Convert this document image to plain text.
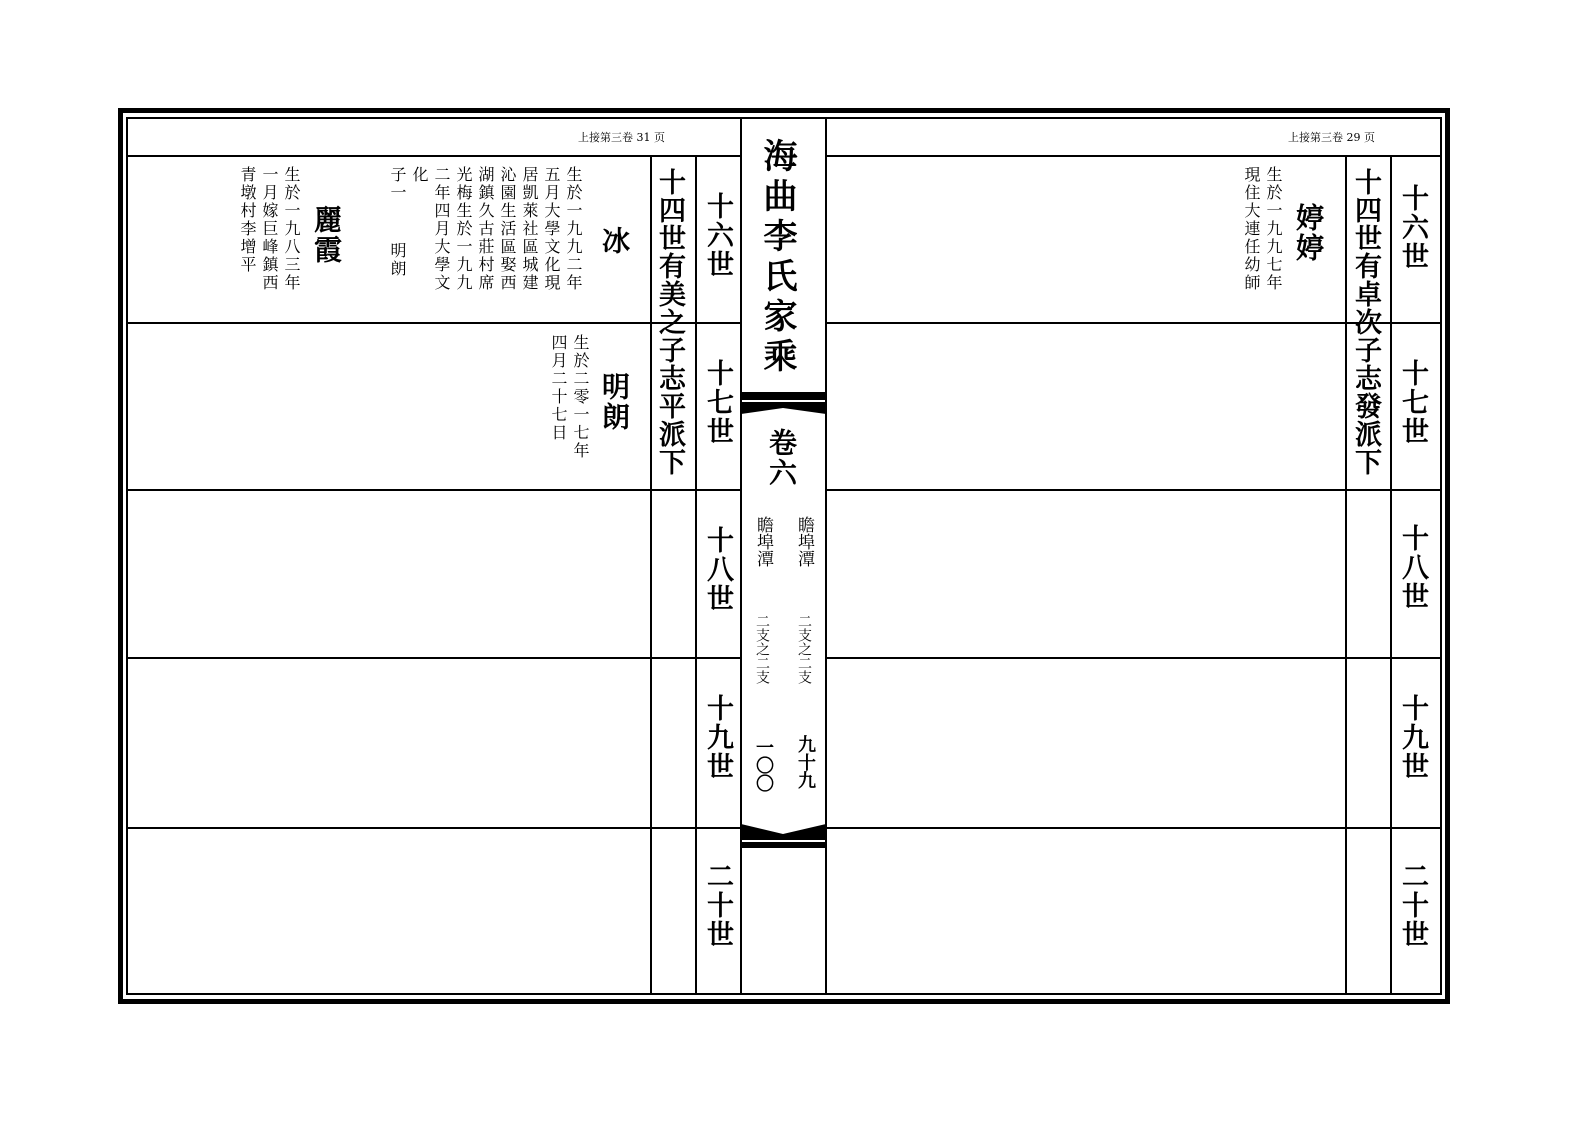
上接第三卷 31 页	上接第三卷 29 页
海曲李氏家乘
卷六
瞻埠潭
二支之二支
九十九
瞻埠潭
二支之二支
一〇〇
十四世有美之子志平派下 十六世
十七世
十八世
十九世
二十世
十四世有卓次子志發派下 十六世
十七世
十八世
十九世
二十世
冰
生於一九九二年
五月大學文化現
居凱萊社區城建
沁園生活區娶西
湖鎮久古莊村席
光梅生於一九九
二年四月大學文
化
子一
明朗
麗霞
生於一九八三年
一月嫁巨峰鎮西
青墩村李增平
明朗
生於二零一七年
四月二十七日
婷婷
生於一九九七年
現住大連任幼師
